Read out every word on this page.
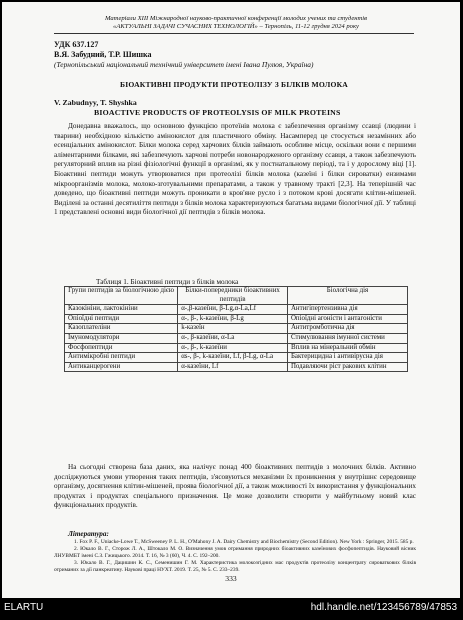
Матеріали XIII Міжнародної науково-практичної конференції молодих учених та студентів
«АКТУАЛЬНІ ЗАДАЧІ СУЧАСНИХ ТЕХНОЛОГІЙ» – Тернопіль, 11-12 грудня 2024 року
УДК 637.127
В.Я. Забудний, Т.Р. Шишка
(Тернопільський національний технічний університет імені Івана Пулюя, Україна)
БІОАКТИВНІ ПРОДУКТИ ПРОТЕОЛІЗУ З БІЛКІВ МОЛОКА
V. Zabudnyy, T. Shyshka
BIOACTIVE PRODUCTS OF PROTEOLYSIS OF MILK PROTEINS

Донедавна вважалось, що основною функцією протеїнів молока є забезпечення організму ссавці (людини і тварини) необхідною кількістю амінокислот для пластичного обміну. Насамперед це стосується незамінних або есенціальних амінокислот. Білки молока серед харчових білків займають особливе місце, оскільки вони є першими аліментарними білками, які забезпечують харчові потреби новонародженого організму ссавця, а також забезпечують регуляторний вплив на різні фізіологічні функції в організмі, як у постнатальному періоді, та і у дорослому віці [1]. Біоактивні пептиди можуть утворюватися при протеолізі білків молока (казеїні і білки сироватки) ензимами мікроорганізмів молока, молоко-зготувальними препаратами, а також у травному тракті [2,3]. На теперішній час доведено, що біоактивні пептиди можуть проникати в кров'яне русло і з потоком крові досягати клітин-мішеней. Виділені за останні десятиліття пептиди з білків молока характеризуються багатьма видами біологічної дії. У таблиці 1 представлені основні види біологічної дії пептидів з білків молока.

Таблиця 1. Біоактивні пептиди з білків молока
Групи пептидів за біологічною дією	Білки-попередники біоактивних пептидів	Біологічна дія
Казокініни, лактокініни	α-,β-казеїни, β-Lg,α-La,Lf	Антигіпертензивна дія
Опіоїдні пептиди	α-, β-, k-казеїни, β-Lg	Опіоїдні агоністи і антагоністи
Казоплателіни	k-казеїн	Антитромботична дія
Імуномодулятори	α-, β-казеїни, α-La	Стимулювання імунної системи
Фосфопептиди	α-, β-, k-казеїни	Вплив на мінеральний обмін
Антимікробні пептиди	αs-, β-, k-казеїни, Lf, β-Lg, α-La	Бактерицидна і антивірусна дія
Антиканцерогени	α-казеїни, Lf	Подавляючи ріст ракових клітин

На сьогодні створена база даних, яка налічує понад 400 біоактивних пептидів з молочних білків. Активно досліджуються умови утворення таких пептидів, з'ясовуються механізми їх проникнення у внутрішнє середовище організму, досягнення клітин-мішеней, проява біологічної дії, а також можливості їх використання у функціональних продуктах і продуктах спеціального призначення. Це може дозволити створити у майбутньому новий клас функціональних продуктів.

Література:
1. Fox P. F., Uniacke-Lowe T., McSweeney P. L. H., O'Mahony J. A. Dairy Chemistry and Biochemistry (Second Edition). New York : Springer, 2015. 585 p.
2. Юкало В. Г., Сторож Л. А., Штокало М. О. Визначення умов отримання природних біоактивних казеїнових фосфопептидів. Науковий вісник ЛНУВМБТ імені С.З. Гжицького. 2014. Т. 16, № 3 (60), Ч. 4. С. 192–200.
3. Юкало В. Г., Дацишин К. С., Семенишин Г. М. Характеристика молокозгідних мас продуктів протеолізу концентрату сироваткових білків отриманих за дії панкреатину. Наукові праці НУХТ. 2019. Т. 25, № 5. С. 233–239.
333
ELARTU	hdl.handle.net/123456789/47853
